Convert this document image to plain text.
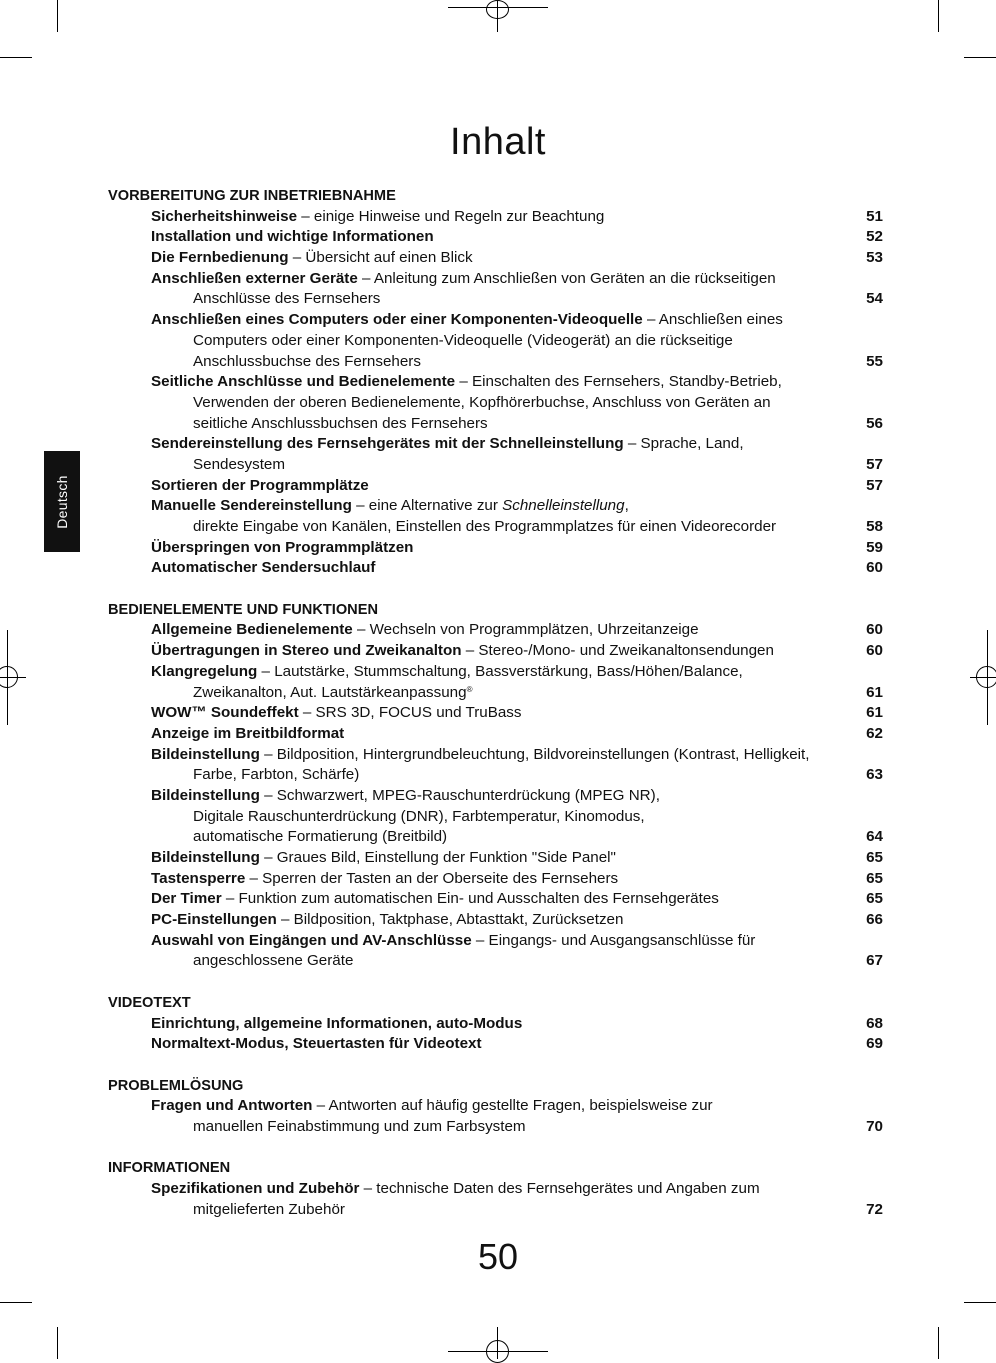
Inhalt
Deutsch
VORBEREITUNG ZUR INBETRIEBNAHME
Sicherheitshinweise – einige Hinweise und Regeln zur Beachtung	51
Installation und wichtige Informationen	52
Die Fernbedienung – Übersicht auf einen Blick	53
Anschließen externer Geräte – Anleitung zum Anschließen von Geräten an die rückseitigen
Anschlüsse des Fernsehers	54
Anschließen eines Computers oder einer Komponenten-Videoquelle – Anschließen eines
Computers oder einer Komponenten-Videoquelle (Videogerät) an die rückseitige
Anschlussbuchse des Fernsehers	55
Seitliche Anschlüsse und Bedienelemente – Einschalten des Fernsehers, Standby-Betrieb,
Verwenden der oberen Bedienelemente, Kopfhörerbuchse, Anschluss von Geräten an
seitliche Anschlussbuchsen des Fernsehers	56
Sendereinstellung des Fernsehgerätes mit der Schnelleinstellung – Sprache, Land,
Sendesystem	57
Sortieren der Programmplätze	57
Manuelle Sendereinstellung – eine Alternative zur Schnelleinstellung,
direkte Eingabe von Kanälen, Einstellen des Programmplatzes für einen Videorecorder	58
Überspringen von Programmplätzen	59
Automatischer Sendersuchlauf	60
BEDIENELEMENTE UND FUNKTIONEN
Allgemeine Bedienelemente – Wechseln von Programmplätzen, Uhrzeitanzeige	60
Übertragungen in Stereo und Zweikanalton – Stereo-/Mono- und Zweikanaltonsendungen	60
Klangregelung – Lautstärke, Stummschaltung, Bassverstärkung, Bass/Höhen/Balance,
Zweikanalton, Aut. Lautstärkeanpassung®	61
WOW™ Soundeffekt – SRS 3D, FOCUS und TruBass	61
Anzeige im Breitbildformat	62
Bildeinstellung – Bildposition, Hintergrundbeleuchtung, Bildvoreinstellungen (Kontrast, Helligkeit,
Farbe, Farbton, Schärfe)	63
Bildeinstellung – Schwarzwert, MPEG-Rauschunterdrückung (MPEG NR),
Digitale Rauschunterdrückung (DNR), Farbtemperatur, Kinomodus,
automatische Formatierung (Breitbild)	64
Bildeinstellung – Graues Bild, Einstellung der Funktion "Side Panel"	65
Tastensperre – Sperren der Tasten an der Oberseite des Fernsehers	65
Der Timer – Funktion zum automatischen Ein- und Ausschalten des Fernsehgerätes	65
PC-Einstellungen – Bildposition, Taktphase, Abtasttakt, Zurücksetzen	66
Auswahl von Eingängen und AV-Anschlüsse – Eingangs- und Ausgangsanschlüsse für
angeschlossene Geräte	67
VIDEOTEXT
Einrichtung, allgemeine Informationen, auto-Modus	68
Normaltext-Modus, Steuertasten für Videotext	69
PROBLEMLÖSUNG
Fragen und Antworten – Antworten auf häufig gestellte Fragen, beispielsweise zur
manuellen Feinabstimmung und zum Farbsystem	70
INFORMATIONEN
Spezifikationen und Zubehör – technische Daten des Fernsehgerätes und Angaben zum
mitgelieferten Zubehör	72
50
